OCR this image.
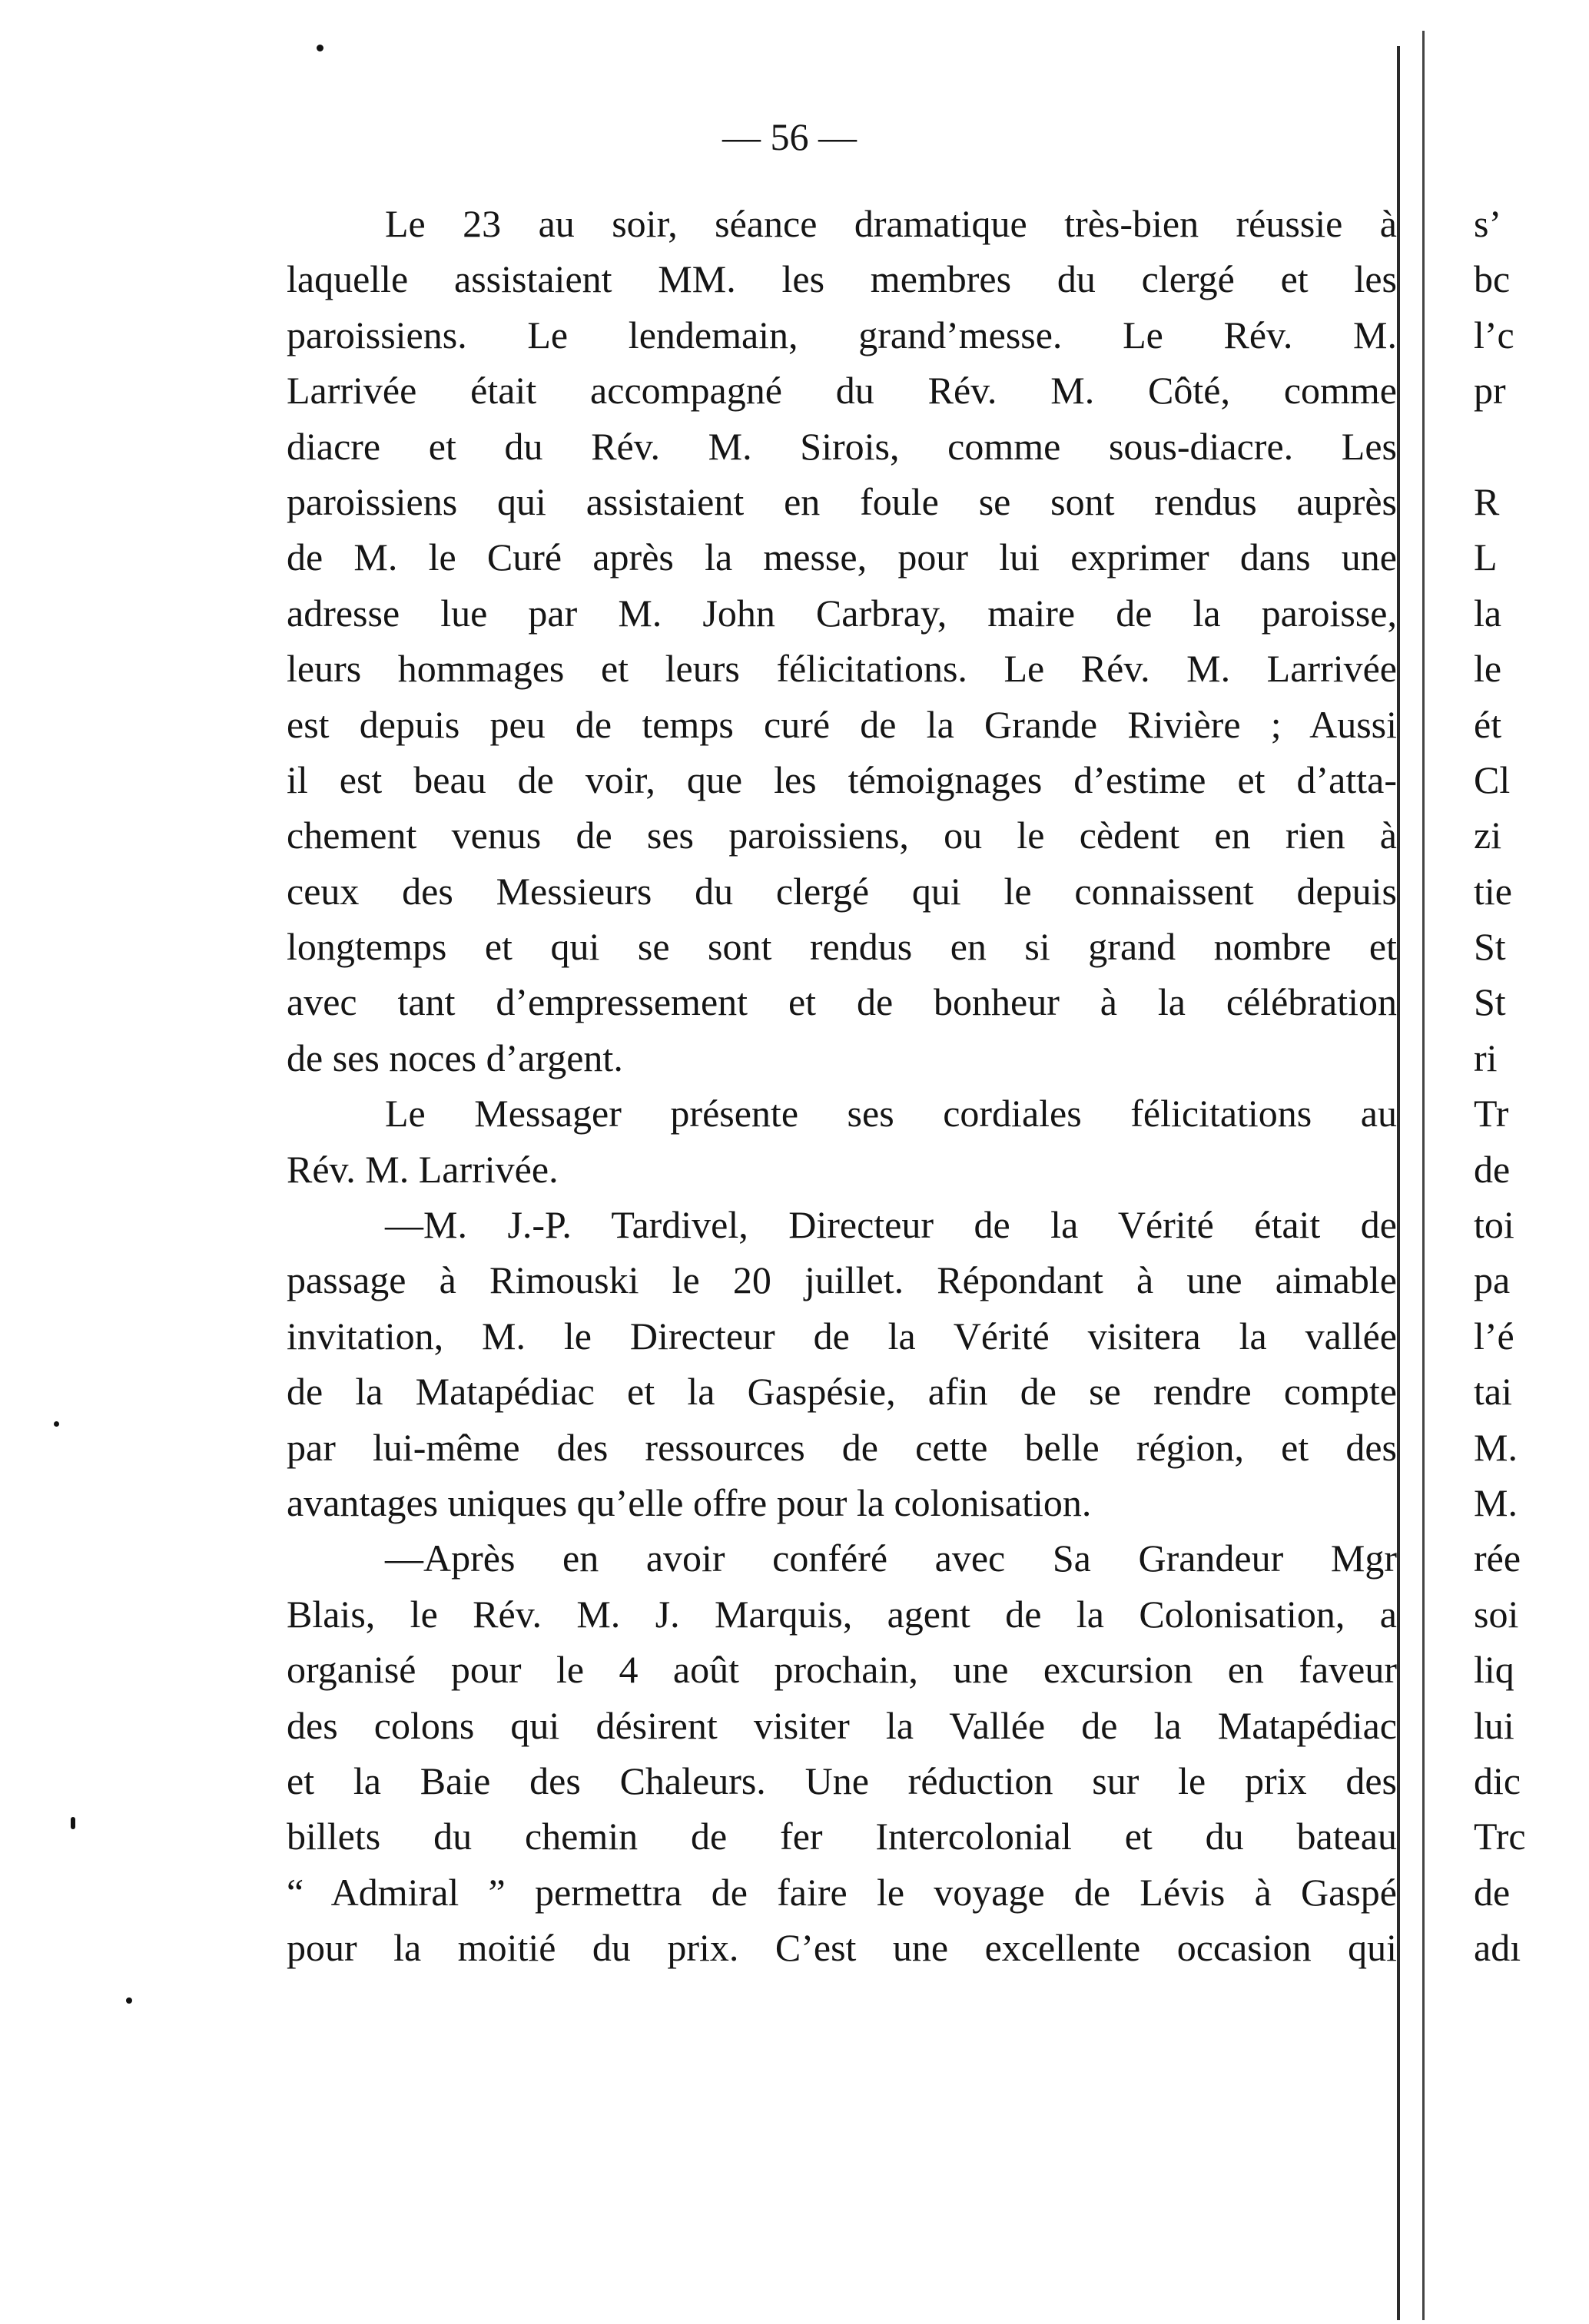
— 56 —
Le 23 au soir, séance dramatique très-bien réussie à
laquelle assistaient MM. les membres du clergé et les
paroissiens. Le lendemain, grand’messe. Le Rév. M.
Larrivée était accompagné du Rév. M. Côté, comme
diacre et du Rév. M. Sirois, comme sous-diacre. Les
paroissiens qui assistaient en foule se sont rendus auprès
de M. le Curé après la messe, pour lui exprimer dans une
adresse lue par M. John Carbray, maire de la paroisse,
leurs hommages et leurs félicitations. Le Rév. M. Larrivée
est depuis peu de temps curé de la Grande Rivière ; Aussi
il est beau de voir, que les témoignages d’estime et d’atta-
chement venus de ses paroissiens, ou le cèdent en rien à
ceux des Messieurs du clergé qui le connaissent depuis
longtemps et qui se sont rendus en si grand nombre et
avec tant d’empressement et de bonheur à la célébration
de ses noces d’argent.
Le Messager présente ses cordiales félicitations au
Rév. M. Larrivée.
—M. J.-P. Tardivel, Directeur de la Vérité était de
passage à Rimouski le 20 juillet. Répondant à une aimable
invitation, M. le Directeur de la Vérité visitera la vallée
de la Matapédiac et la Gaspésie, afin de se rendre compte
par lui-même des ressources de cette belle région, et des
avantages uniques qu’elle offre pour la colonisation.
—Après en avoir conféré avec Sa Grandeur Mgr
Blais, le Rév. M. J. Marquis, agent de la Colonisation, a
organisé pour le 4 août prochain, une excursion en faveur
des colons qui désirent visiter la Vallée de la Matapédiac
et la Baie des Chaleurs. Une réduction sur le prix des
billets du chemin de fer Intercolonial et du bateau
“ Admiral ” permettra de faire le voyage de Lévis à Gaspé
pour la moitié du prix. C’est une excellente occasion qui
s’
bc
l’c
pr
R
L
la
le
ét
Cl
zi
tie
St
St
ri
Tr
de
toi
pa
l’é
tai
M.
M.
rée
soi
liq
lui
dic
Trc
de
adı
